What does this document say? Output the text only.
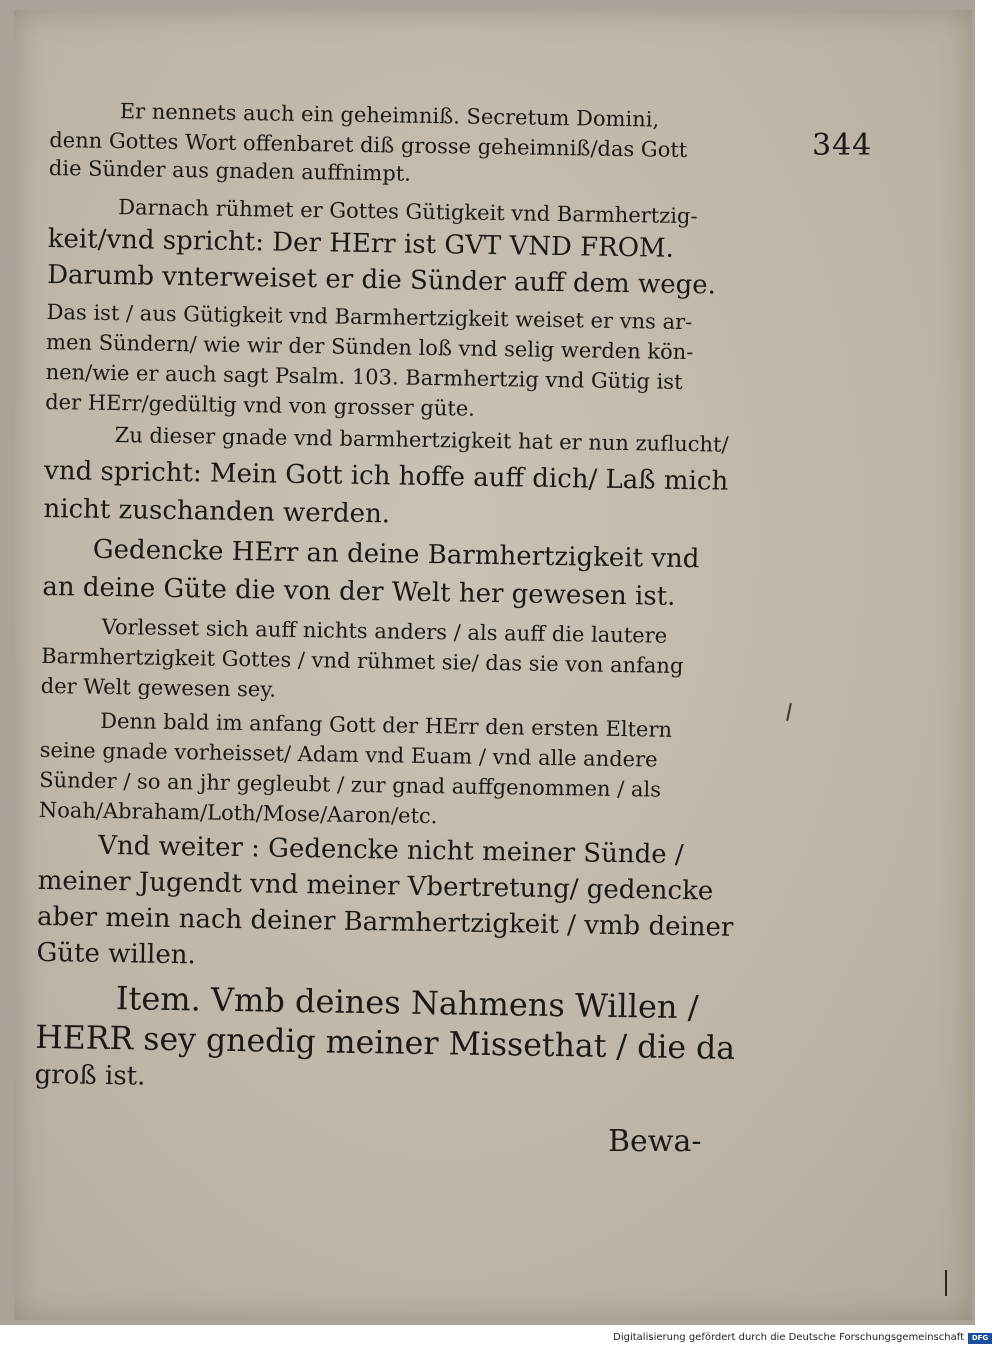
344
Er nennets auch ein geheimniß. Secretum Domini,
denn Gottes Wort offenbaret diß grosse geheimniß/das Gott
die Sünder aus gnaden auffnimpt.
Darnach rühmet er Gottes Gütigkeit vnd Barmhertzig-
keit/vnd spricht: Der HErr ist GVT VND FROM.
Darumb vnterweiset er die Sünder auff dem wege.
Das ist / aus Gütigkeit vnd Barmhertzigkeit weiset er vns ar-
men Sündern/ wie wir der Sünden loß vnd selig werden kön-
nen/wie er auch sagt Psalm. 103. Barmhertzig vnd Gütig ist
der HErr/gedültig vnd von grosser güte.
Zu dieser gnade vnd barmhertzigkeit hat er nun zuflucht/
vnd spricht: Mein Gott ich hoffe auff dich/ Laß mich
nicht zuschanden werden.
Gedencke HErr an deine Barmhertzigkeit vnd
an deine Güte die von der Welt her gewesen ist.
Vorlesset sich auff nichts anders / als auff die lautere
Barmhertzigkeit Gottes / vnd rühmet sie/ das sie von anfang
der Welt gewesen sey.
Denn bald im anfang Gott der HErr den ersten Eltern
seine gnade vorheisset/ Adam vnd Euam / vnd alle andere
Sünder / so an jhr gegleubt / zur gnad auffgenommen / als
Noah/Abraham/Loth/Mose/Aaron/etc.
Vnd weiter : Gedencke nicht meiner Sünde /
meiner Jugendt vnd meiner Vbertretung/ gedencke
aber mein nach deiner Barmhertzigkeit / vmb deiner
Güte willen.
Item. Vmb deines Nahmens Willen /
HERR sey gnedig meiner Missethat / die da
groß ist.
Bewa-
Digitalisierung gefördert durch die Deutsche Forschungsgemeinschaft	DFG
